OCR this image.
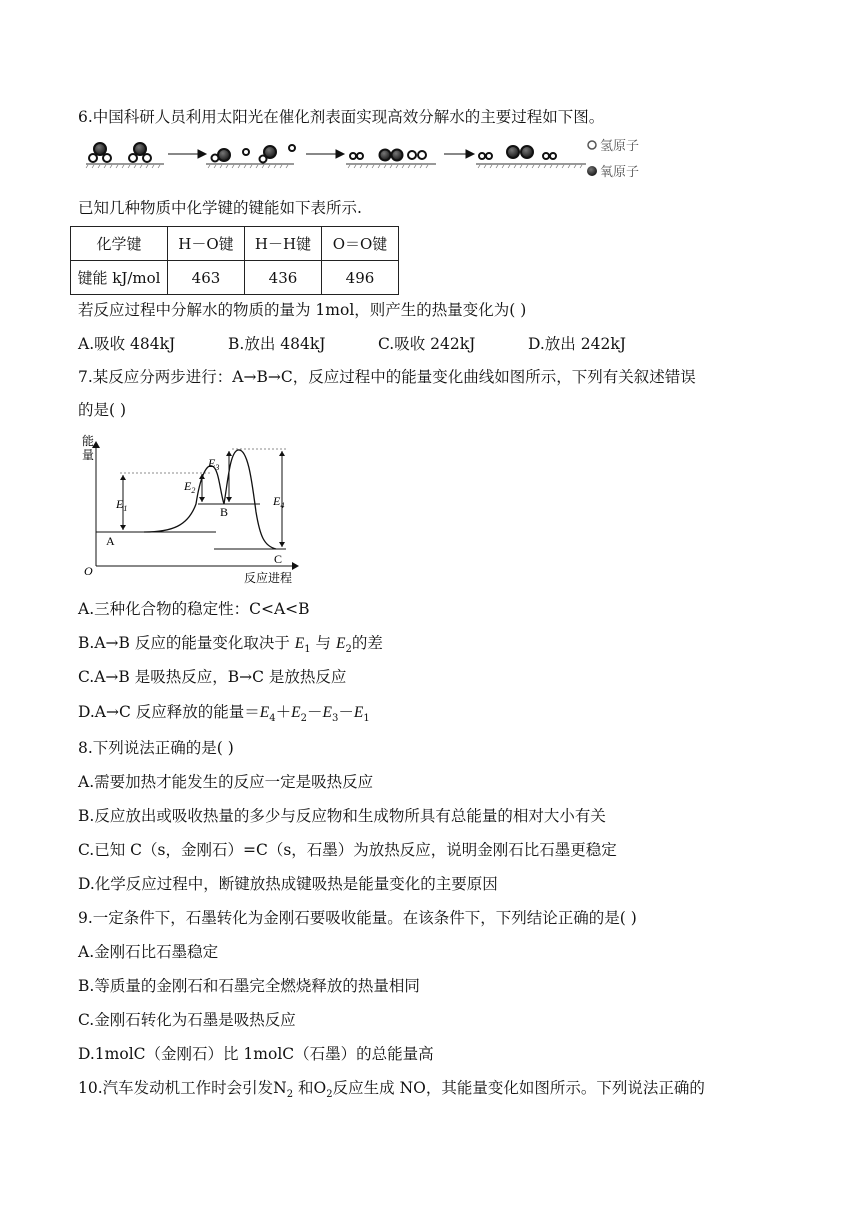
6.中国科研人员利用太阳光在催化剂表面实现高效分解水的主要过程如下图。
氢原子
氧原子
已知几种物质中化学键的键能如下表所示.
化学键	H－O键	H－H键	O＝O键
键能 kJ/mol	463	436	496
若反应过程中分解水的物质的量为 1mol，则产生的热量变化为( )
A.吸收 484kJ	B.放出 484kJ	C.吸收 242kJ	D.放出 242kJ
7.某反应分两步进行：A→B→C，反应过程中的能量变化曲线如图所示，下列有关叙述错误
的是( )
能
量
O	反应进程
A
B
C
$E_1$
$E_2$
$E_3$
$E_4$
A.三种化合物的稳定性：C<A<B
B.A→B 反应的能量变化取决于 $E_1$ 与 $E_2$的差
C.A→B 是吸热反应，B→C 是放热反应
D.A→C 反应释放的能量$=E_4+E_2-E_3-E_1$
8.下列说法正确的是( )
A.需要加热才能发生的反应一定是吸热反应
B.反应放出或吸收热量的多少与反应物和生成物所具有总能量的相对大小有关
C.已知 C（s，金刚石）=C（s，石墨）为放热反应，说明金刚石比石墨更稳定
D.化学反应过程中，断键放热成键吸热是能量变化的主要原因
9.一定条件下，石墨转化为金刚石要吸收能量。在该条件下，下列结论正确的是( )
A.金刚石比石墨稳定
B.等质量的金刚石和石墨完全燃烧释放的热量相同
C.金刚石转化为石墨是吸热反应
D.1molC（金刚石）比 1molC（石墨）的总能量高
10.汽车发动机工作时会引发$N_2$ 和$O_2$反应生成 NO，其能量变化如图所示。下列说法正确的
